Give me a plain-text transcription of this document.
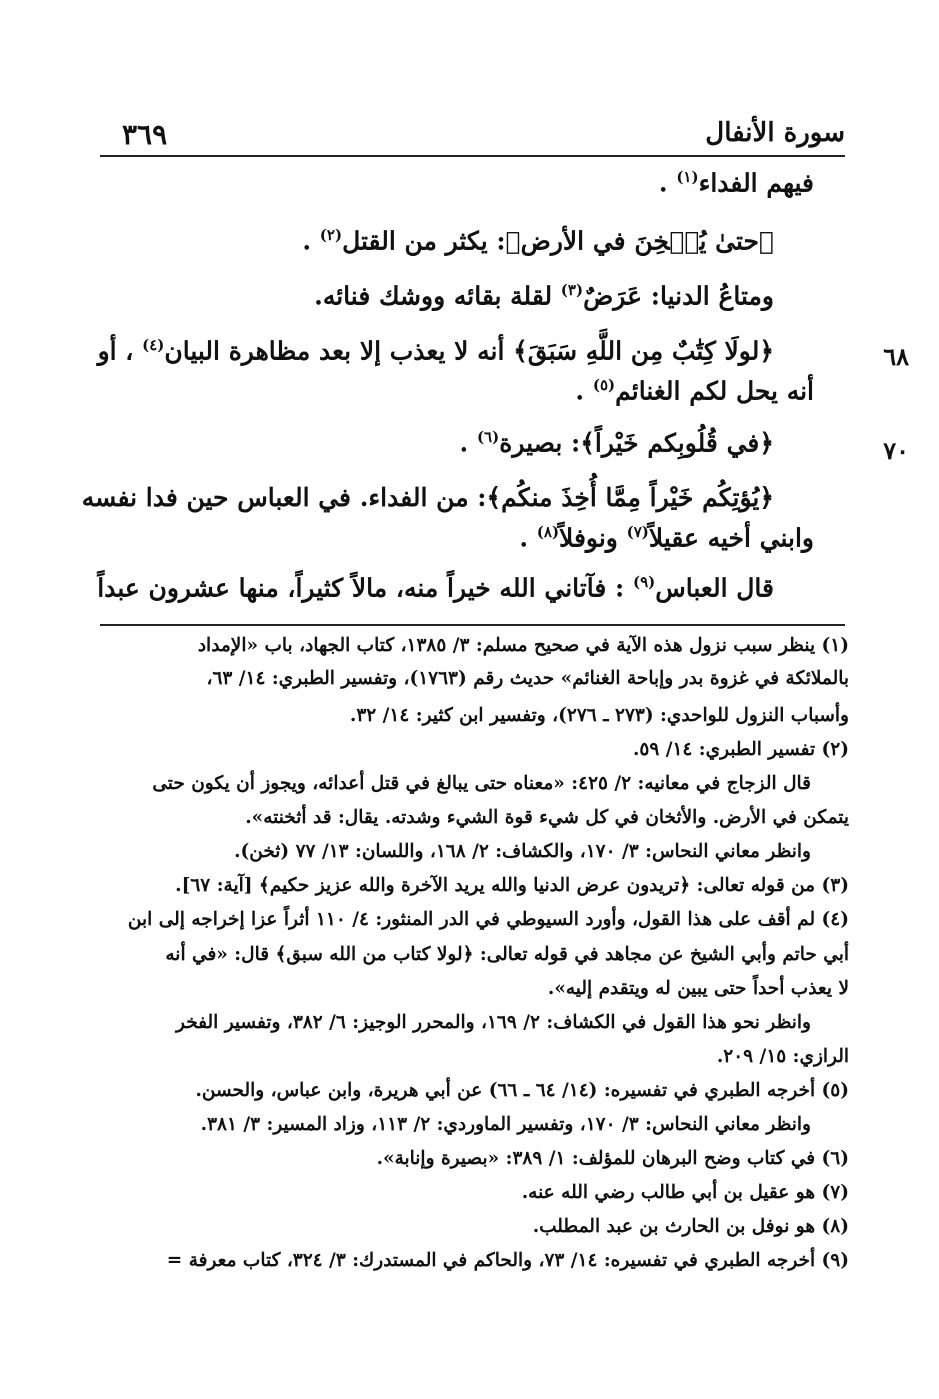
سورة الأنفال
٣٦٩
فيهم الفداء$^{(١)}$ .
﴿حتىٰ يُثۡخِنَ في الأرض﴾: يكثر من القتل$^{(٢)}$ .
ومتاعُ الدنيا: عَرَضٌ$^{(٣)}$ لقلة بقائه ووشك فنائه.
٦٨
﴿لولَا كِتَٰبٌ مِن اللَّهِ سَبَقَ﴾ أنه لا يعذب إلا بعد مظاهرة البيان$^{(٤)}$ ، أو
أنه يحل لكم الغنائم$^{(٥)}$ .
٧٠
﴿في قُلُوبِكم خَيْراً﴾: بصيرة$^{(٦)}$ .
﴿يُؤتِكُم خَيْراً مِمَّا أُخِذَ منكُم﴾: من الفداء. في العباس حين فدا نفسه
وابني أخيه عقيلاً$^{(٧)}$ ونوفلاً$^{(٨)}$ .
قال العباس$^{(٩)}$ : فآتاني الله خيراً منه، مالاً كثيراً، منها عشرون عبداً
(١) ينظر سبب نزول هذه الآية في صحيح مسلم: ٣/ ١٣٨٥، كتاب الجهاد، باب «الإمداد
بالملائكة في غزوة بدر وإباحة الغنائم» حديث رقم (١٧٦٣)، وتفسير الطبري: ١٤/ ٦٣،
وأسباب النزول للواحدي: (٢٧٣ ـ ٢٧٦)، وتفسير ابن كثير: ١٤/ ٣٢.
(٢) تفسير الطبري: ١٤/ ٥٩.
قال الزجاج في معانيه: ٢/ ٤٢٥: «معناه حتى يبالغ في قتل أعدائه، ويجوز أن يكون حتى
يتمكن في الأرض. والأثخان في كل شيء قوة الشيء وشدته. يقال: قد أثخنته».
وانظر معاني النحاس: ٣/ ١٧٠، والكشاف: ٢/ ١٦٨، واللسان: ١٣/ ٧٧ (ثخن).
(٣) من قوله تعالى: ﴿تريدون عرض الدنيا والله يريد الآخرة والله عزيز حكيم﴾ [آية: ٦٧].
(٤) لم أقف على هذا القول، وأورد السيوطي في الدر المنثور: ٤/ ١١٠ أثراً عزا إخراجه إلى ابن
أبي حاتم وأبي الشيخ عن مجاهد في قوله تعالى: ﴿لولا كتاب من الله سبق﴾ قال: «في أنه
لا يعذب أحداً حتى يبين له ويتقدم إليه».
وانظر نحو هذا القول في الكشاف: ٢/ ١٦٩، والمحرر الوجيز: ٦/ ٣٨٢، وتفسير الفخر
الرازي: ١٥/ ٢٠٩.
(٥) أخرجه الطبري في تفسيره: (١٤/ ٦٤ ـ ٦٦) عن أبي هريرة، وابن عباس، والحسن.
وانظر معاني النحاس: ٣/ ١٧٠، وتفسير الماوردي: ٢/ ١١٣، وزاد المسير: ٣/ ٣٨١.
(٦) في كتاب وضح البرهان للمؤلف: ١/ ٣٨٩: «بصيرة وإنابة».
(٧) هو عقيل بن أبي طالب رضي الله عنه.
(٨) هو نوفل بن الحارث بن عبد المطلب.
(٩) أخرجه الطبري في تفسيره: ١٤/ ٧٣، والحاكم في المستدرك: ٣/ ٣٢٤، كتاب معرفة =
